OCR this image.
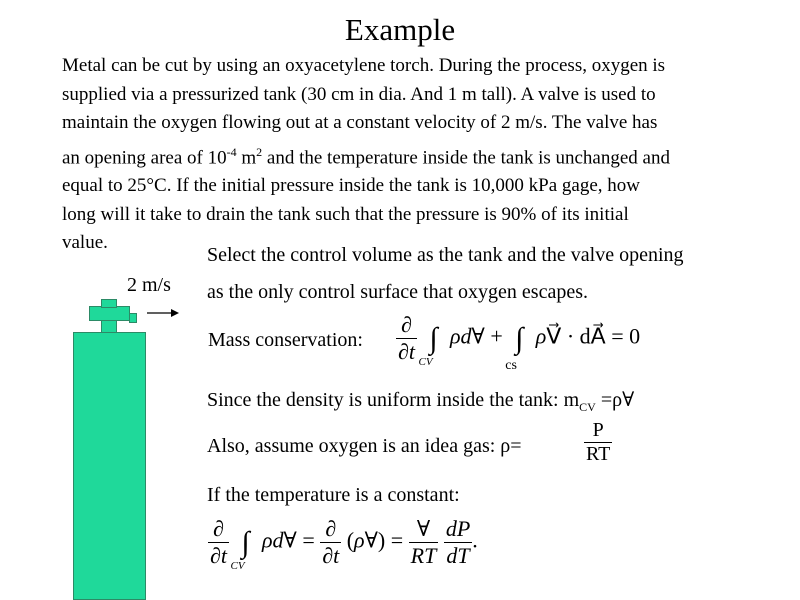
Example
Metal can be cut by using an oxyacetylene torch. During the process, oxygen is
supplied via a pressurized tank (30 cm in dia. And 1 m tall). A valve is used to
maintain the oxygen flowing out at a constant velocity of 2 m/s. The valve has
an opening area of $10^{-4}$ $m^2$ and the temperature inside the tank is unchanged and
equal to 25°C. If the initial pressure inside the tank is 10,000 kPa gage, how
long will it take to drain the tank such that the pressure is 90% of its initial
value.
2 m/s
Select the control volume as the tank and the valve opening
as the only control surface that oxygen escapes.
Mass conservation: $\frac{\partial}{\partial t}$ ∫
CV
ρd∀ + ∫
cs
ρV⃗ · dA⃗ = 0
Since the density is uniform inside the tank: $m_{CV}$ =ρ∀
Also, assume oxygen is an idea gas: ρ=	$\frac{P}{RT}$
If the temperature is a constant:
$\frac{\partial}{\partial t}$ ∫
CV
ρd∀ = $\frac{\partial}{\partial t}$ (ρ∀) = $\frac{\forall}{RT}$
$\frac{dP}{dT}$ .
